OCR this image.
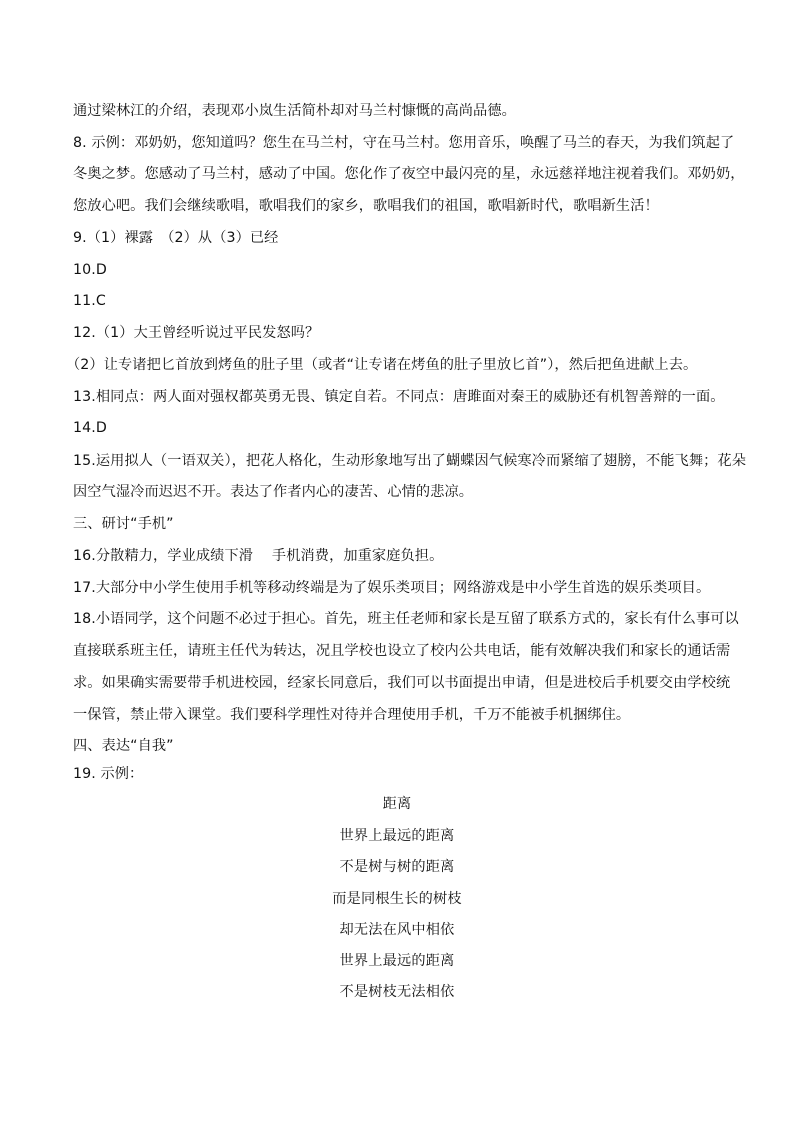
通过梁林江的介绍，表现邓小岚生活简朴却对马兰村慷慨的高尚品德。
8. 示例：邓奶奶，您知道吗？您生在马兰村，守在马兰村。您用音乐，唤醒了马兰的春天，为我们筑起了
冬奥之梦。您感动了马兰村，感动了中国。您化作了夜空中最闪亮的星，永远慈祥地注视着我们。邓奶奶，
您放心吧。我们会继续歌唱，歌唱我们的家乡，歌唱我们的祖国，歌唱新时代，歌唱新生活！
9.（1）裸露　（2）从（3）已经
10.D
11.C
12.（1）大王曾经听说过平民发怒吗？
（2）让专诸把匕首放到烤鱼的肚子里（或者“让专诸在烤鱼的肚子里放匕首”），然后把鱼进献上去。
13.相同点：两人面对强权都英勇无畏、镇定自若。不同点：唐雎面对秦王的威胁还有机智善辩的一面。
14.D
15.运用拟人（一语双关），把花人格化，生动形象地写出了蝴蝶因气候寒冷而紧缩了翅膀，不能飞舞；花朵
因空气湿冷而迟迟不开。表达了作者内心的凄苦、心情的悲凉。
三、研讨“手机”
16.分散精力，学业成绩下滑　 手机消费，加重家庭负担。
17.大部分中小学生使用手机等移动终端是为了娱乐类项目；网络游戏是中小学生首选的娱乐类项目。
18.小语同学，这个问题不必过于担心。首先，班主任老师和家长是互留了联系方式的，家长有什么事可以
直接联系班主任，请班主任代为转达，况且学校也设立了校内公共电话，能有效解决我们和家长的通话需
求。如果确实需要带手机进校园，经家长同意后，我们可以书面提出申请，但是进校后手机要交由学校统
一保管，禁止带入课堂。我们要科学理性对待并合理使用手机，千万不能被手机捆绑住。
四、表达“自我”
19. 示例：
距离
世界上最远的距离
不是树与树的距离
而是同根生长的树枝
却无法在风中相依
世界上最远的距离
不是树枝无法相依
